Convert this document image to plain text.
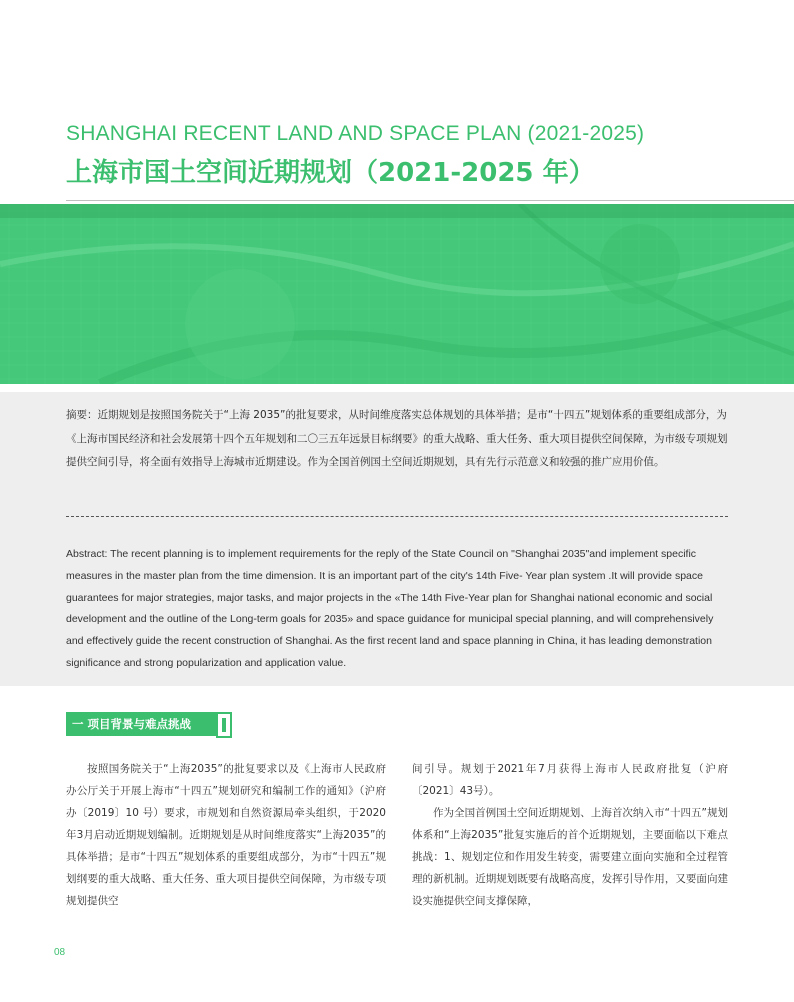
SHANGHAI RECENT LAND AND SPACE PLAN (2021-2025)
上海市国土空间近期规划（2021-2025 年）
摘要：近期规划是按照国务院关于“上海 2035”的批复要求，从时间维度落实总体规划的具体举措；是市“十四五”规划体系的重要组成部分，为《上海市国民经济和社会发展第十四个五年规划和二〇三五年远景目标纲要》的重大战略、重大任务、重大项目提供空间保障，为市级专项规划提供空间引导，将全面有效指导上海城市近期建设。作为全国首例国土空间近期规划，具有先行示范意义和较强的推广应用价值。
Abstract: The recent planning is to implement requirements for the reply of the State Council on "Shanghai 2035"and implement specific measures in the master plan from the time dimension. It is an important part of the city's 14th Five- Year plan system .It will provide space guarantees for major strategies, major tasks, and major projects in the «The 14th Five-Year plan for Shanghai national economic and social development and the outline of the Long-term goals for 2035» and space guidance for municipal special planning, and will comprehensively and effectively guide the recent construction of Shanghai. As the first recent land and space planning in China, it has leading demonstration significance and strong popularization and application value.
一 项目背景与难点挑战

按照国务院关于“上海2035”的批复要求以及《上海市人民政府办公厅关于开展上海市“十四五”规划研究和编制工作的通知》（沪府办〔2019〕10 号）要求，市规划和自然资源局牵头组织，于2020年3月启动近期规划编制。近期规划是从时间维度落实“上海2035”的具体举措；是市“十四五”规划体系的重要组成部分，为市“十四五”规划纲要的重大战略、重大任务、重大项目提供空间保障，为市级专项规划提供空

间引导。规划于2021年7月获得上海市人民政府批复（沪府〔2021〕43号）。

作为全国首例国土空间近期规划、上海首次纳入市“十四五”规划体系和“上海2035”批复实施后的首个近期规划，主要面临以下难点挑战：1、规划定位和作用发生转变，需要建立面向实施和全过程管理的新机制。近期规划既要有战略高度，发挥引导作用，又要面向建设实施提供空间支撑保障，

08
